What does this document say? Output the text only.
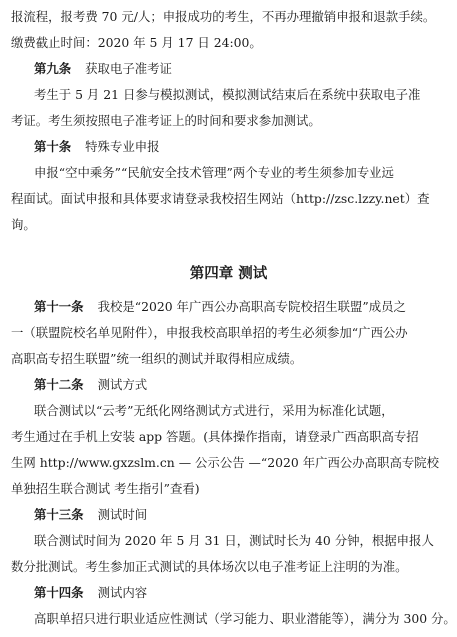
报流程，报考费 70 元/人；申报成功的考生，不再办理撤销申报和退款手续。
缴费截止时间：2020 年 5 月 17 日 24:00。
第九条 获取电子准考证
考生于 5 月 21 日参与模拟测试，模拟测试结束后在系统中获取电子准
考证。考生须按照电子准考证上的时间和要求参加测试。
第十条 特殊专业申报
申报“空中乘务”“民航安全技术管理”两个专业的考生须参加专业远
程面试。面试申报和具体要求请登录我校招生网站（http://zsc.lzzy.net）查
询。
第四章 测试
第十一条 我校是“2020 年广西公办高职高专院校招生联盟”成员之
一（联盟院校名单见附件），申报我校高职单招的考生必须参加“广西公办
高职高专招生联盟”统一组织的测试并取得相应成绩。
第十二条 测试方式
联合测试以“云考”无纸化网络测试方式进行，采用为标准化试题，
考生通过在手机上安装 app 答题。(具体操作指南，请登录广西高职高专招
生网 http://www.gxzslm.cn — 公示公告 —“2020 年广西公办高职高专院校
单独招生联合测试 考生指引”查看)
第十三条 测试时间
联合测试时间为 2020 年 5 月 31 日，测试时长为 40 分钟，根据申报人
数分批测试。考生参加正式测试的具体场次以电子准考证上注明的为准。
第十四条 测试内容
高职单招只进行职业适应性测试（学习能力、职业潜能等），满分为 300 分。
